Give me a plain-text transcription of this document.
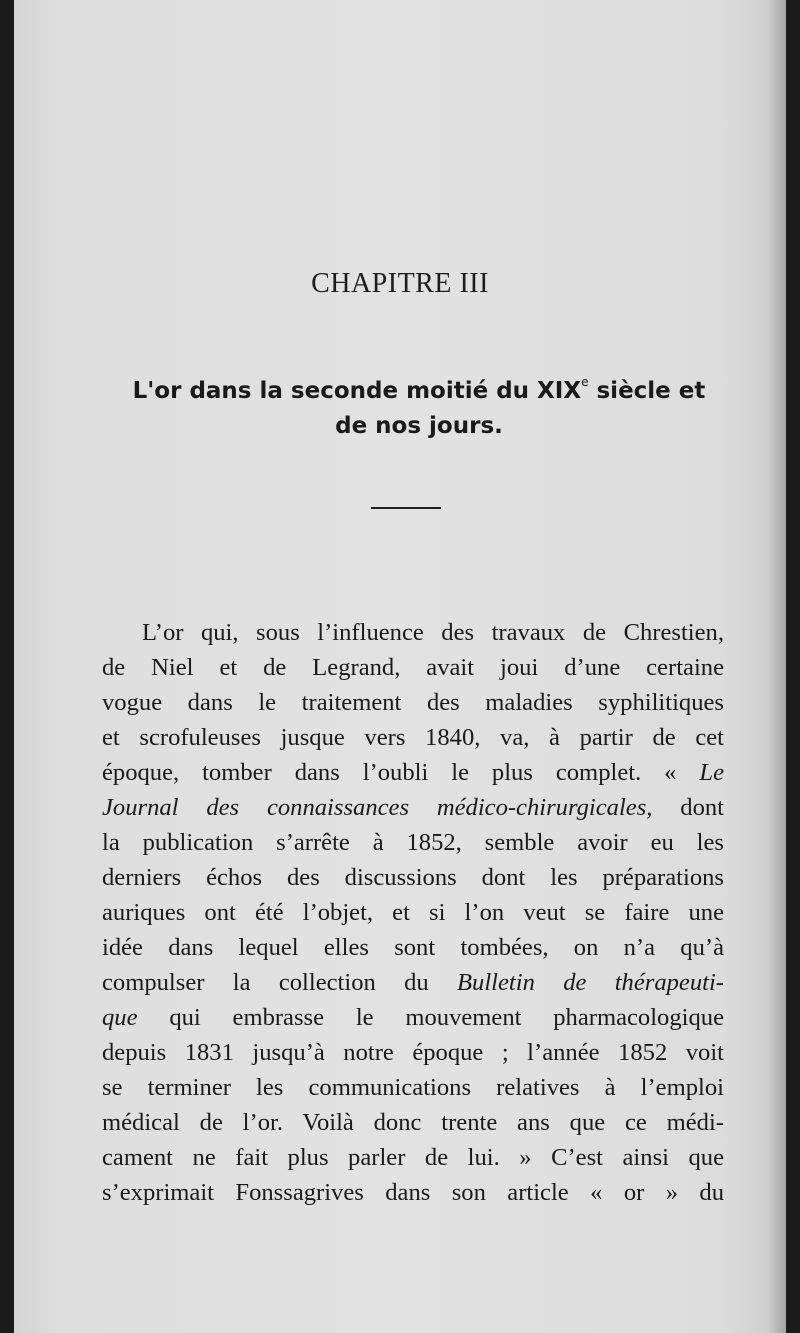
CHAPITRE III
L'or dans la seconde moitié du XIXe siècle et
de nos jours.
L’or qui, sous l’influence des travaux de Chrestien,
de Niel et de Legrand, avait joui d’une certaine
vogue dans le traitement des maladies syphilitiques
et scrofuleuses jusque vers 1840, va, à partir de cet
époque, tomber dans l’oubli le plus complet. « Le
Journal des connaissances médico-chirurgicales, dont
la publication s’arrête à 1852, semble avoir eu les
derniers échos des discussions dont les préparations
auriques ont été l’objet, et si l’on veut se faire une
idée dans lequel elles sont tombées, on n’a qu’à
compulser la collection du Bulletin de thérapeuti-
que qui embrasse le mouvement pharmacologique
depuis 1831 jusqu’à notre époque ; l’année 1852 voit
se terminer les communications relatives à l’emploi
médical de l’or. Voilà donc trente ans que ce médi-
cament ne fait plus parler de lui. » C’est ainsi que
s’exprimait Fonssagrives dans son article « or » du
